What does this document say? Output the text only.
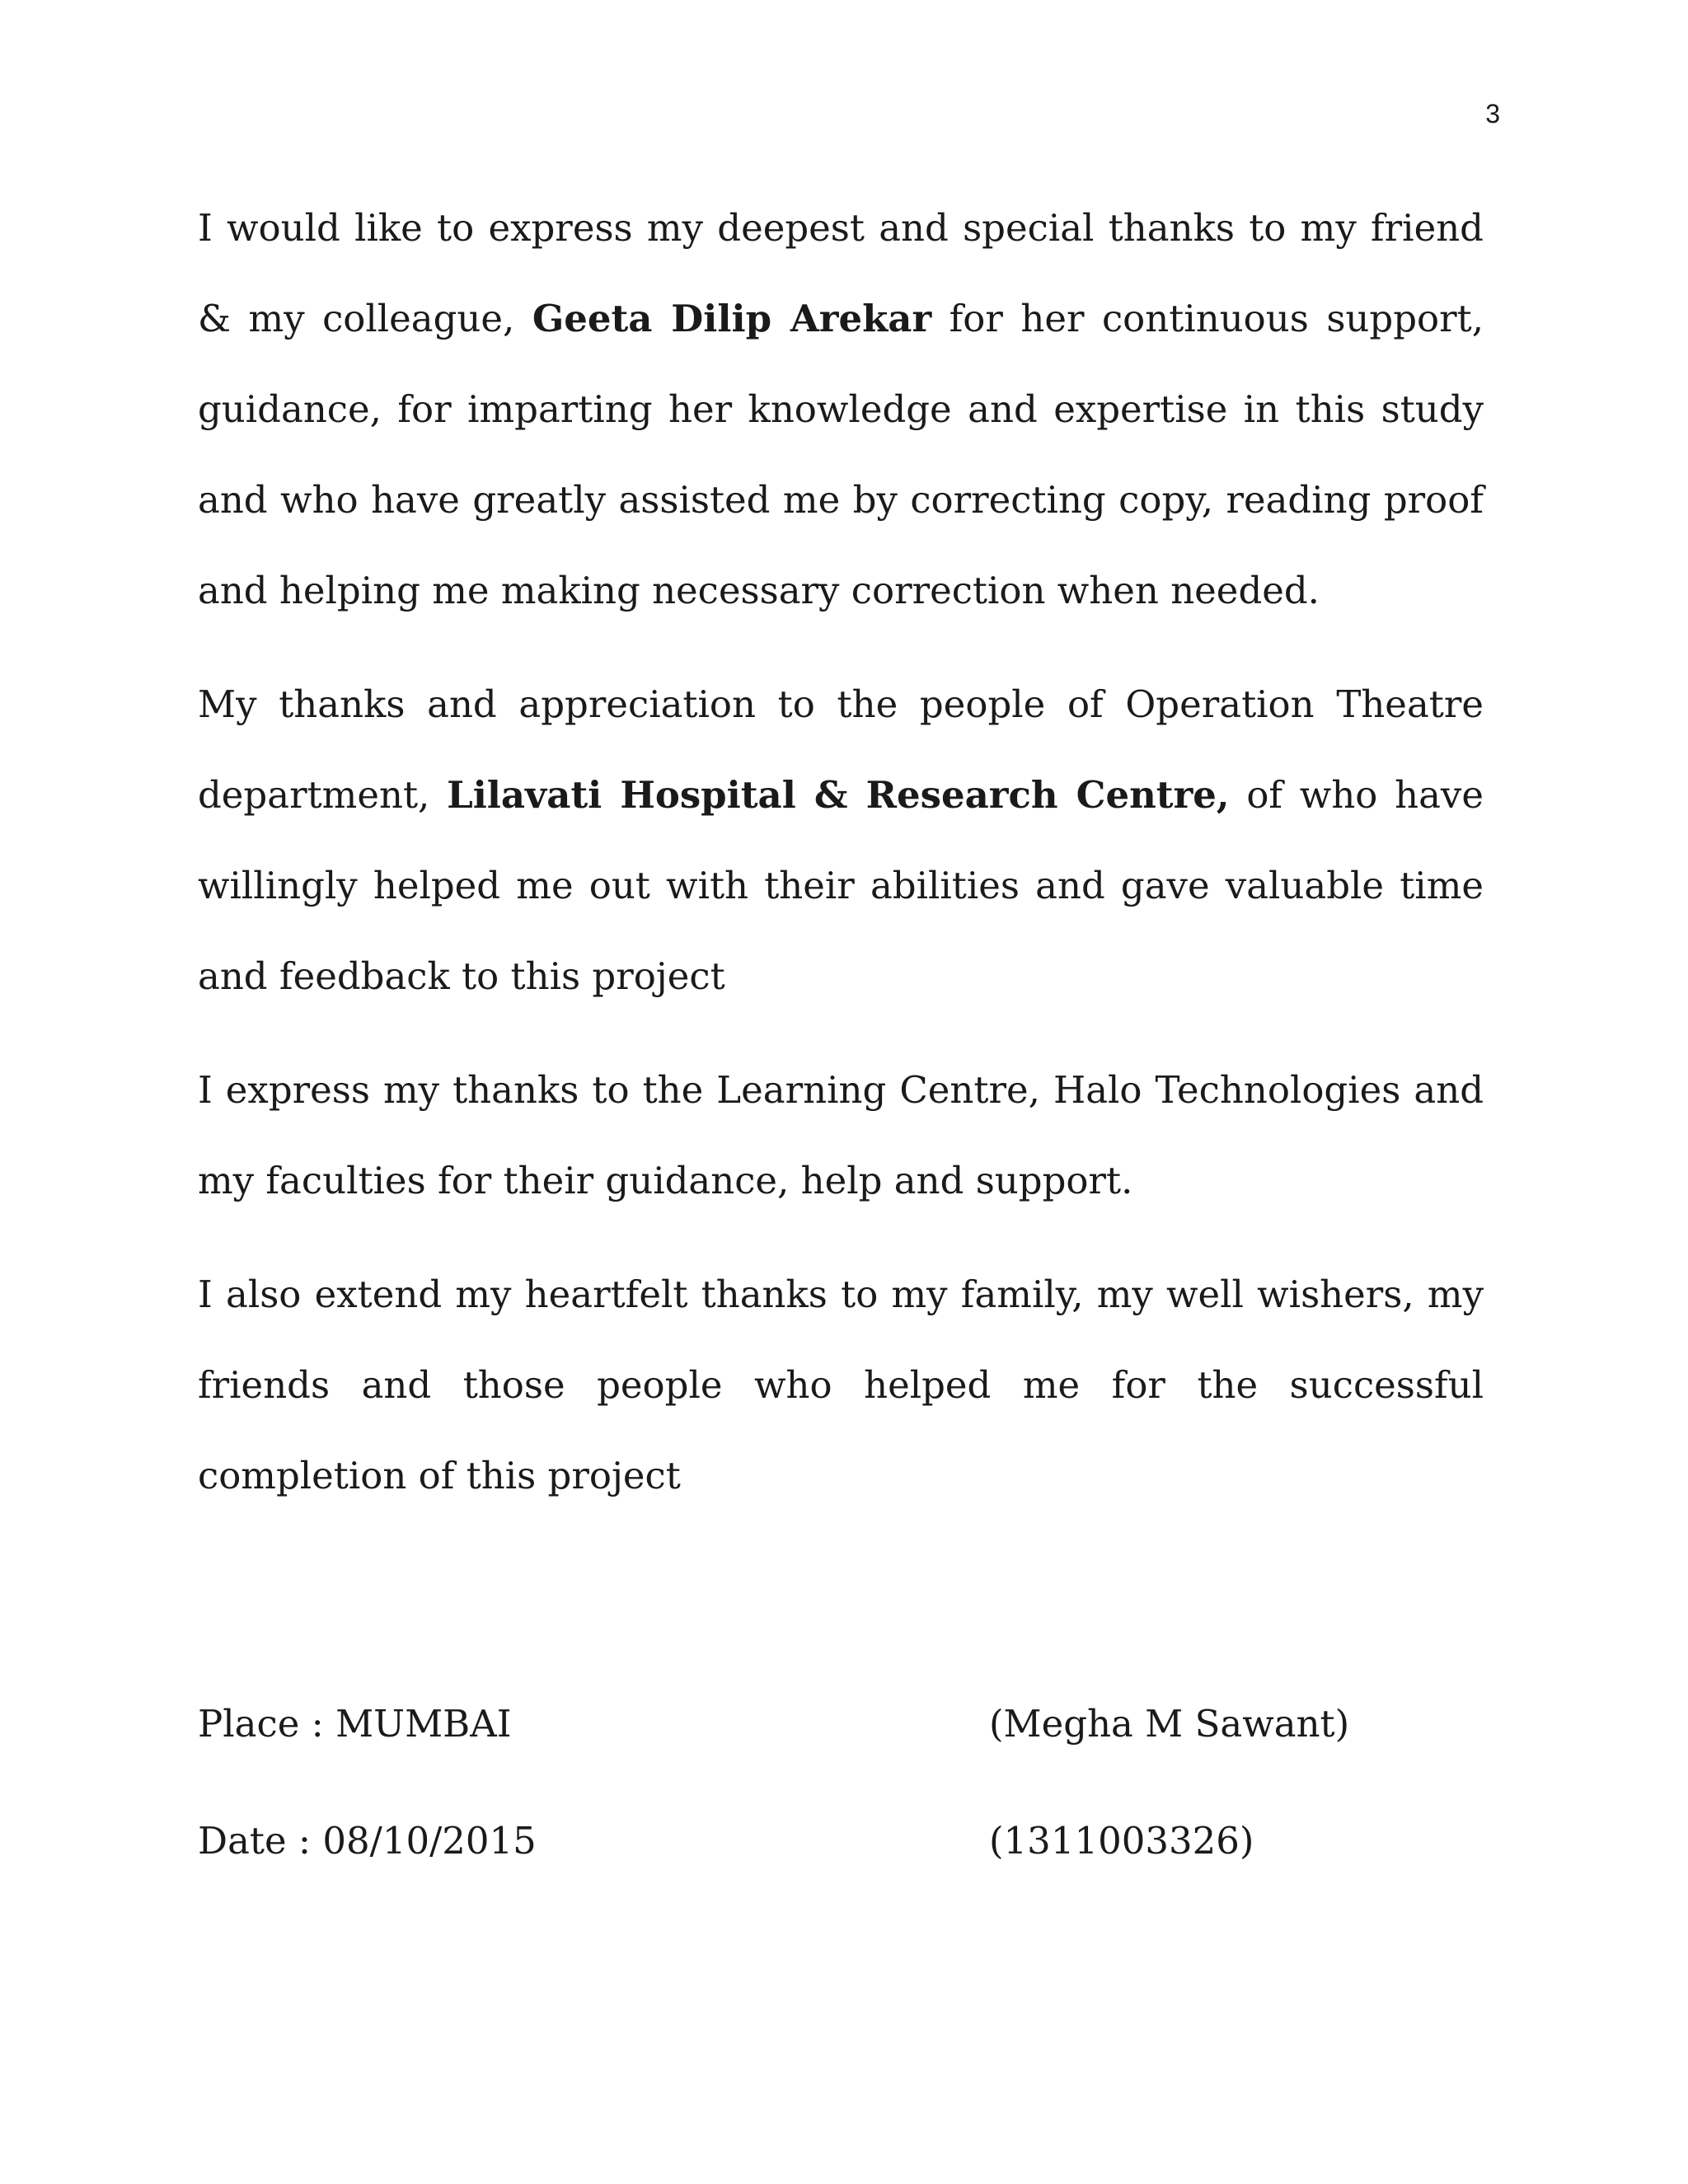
3

I would like to express my deepest and special thanks to my friend & my colleague, Geeta Dilip Arekar for her continuous support, guidance, for imparting her knowledge and expertise in this study and who have greatly assisted me by correcting copy, reading proof and helping me making necessary correction when needed.

My thanks and appreciation to the people of Operation Theatre department, Lilavati Hospital & Research Centre, of who have willingly helped me out with their abilities and gave valuable time and feedback to this project

I express my thanks to the Learning Centre, Halo Technologies and my faculties for their guidance, help and support.

I also extend my heartfelt thanks to my family, my well wishers, my friends and those people who helped me for the successful completion of this project

Place : MUMBAI	(Megha M Sawant)
Date : 08/10/2015	(1311003326)
